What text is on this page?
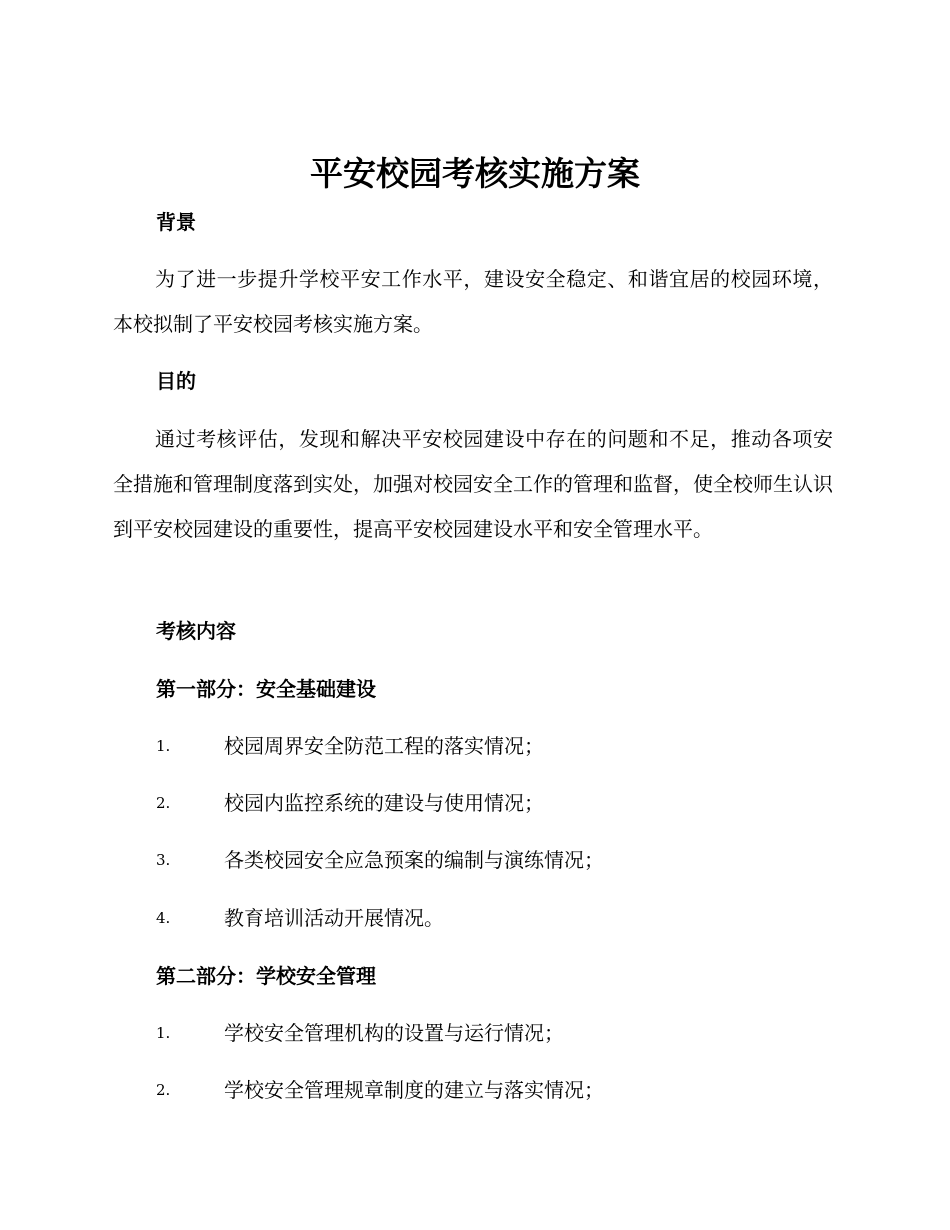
平安校园考核实施方案
背景

为了进一步提升学校平安工作水平，建设安全稳定、和谐宜居的校园环境，本校拟制了平安校园考核实施方案。

目的

通过考核评估，发现和解决平安校园建设中存在的问题和不足，推动各项安全措施和管理制度落到实处，加强对校园安全工作的管理和监督，使全校师生认识到平安校园建设的重要性，提高平安校园建设水平和安全管理水平。

考核内容
第一部分：安全基础建设
1.	校园周界安全防范工程的落实情况；
2.	校园内监控系统的建设与使用情况；
3.	各类校园安全应急预案的编制与演练情况；
4.	教育培训活动开展情况。
第二部分：学校安全管理
1.	学校安全管理机构的设置与运行情况；
2.	学校安全管理规章制度的建立与落实情况；
